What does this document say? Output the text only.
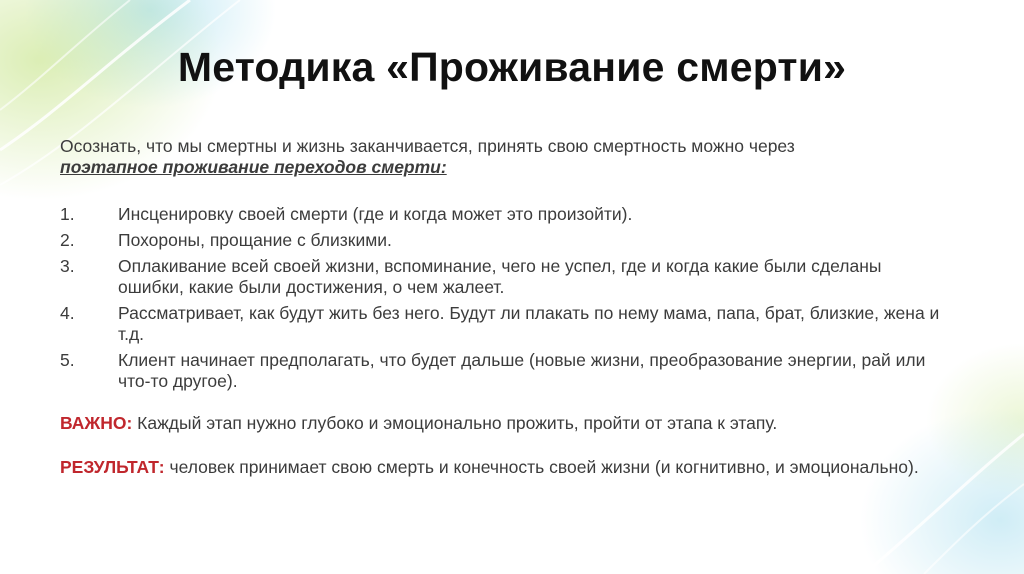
Методика «Проживание смерти»

Осознать, что мы смертны и жизнь заканчивается, принять свою смертность можно через
поэтапное проживание переходов смерти:

1.	Инсценировку своей смерти (где и когда может это произойти).
2.	Похороны, прощание с близкими.
3.	Оплакивание всей своей жизни, вспоминание, чего не успел, где и когда какие были сделаны ошибки, какие были достижения, о чем жалеет.
4.	Рассматривает, как будут жить без него. Будут ли плакать по нему мама, папа, брат, близкие, жена и т.д.
5.	Клиент начинает предполагать, что будет дальше (новые жизни, преобразование энергии, рай или что-то другое).

ВАЖНО: Каждый этап нужно глубоко и эмоционально прожить, пройти от этапа к этапу.

РЕЗУЛЬТАТ: человек принимает свою смерть и конечность своей жизни (и когнитивно, и эмоционально).
